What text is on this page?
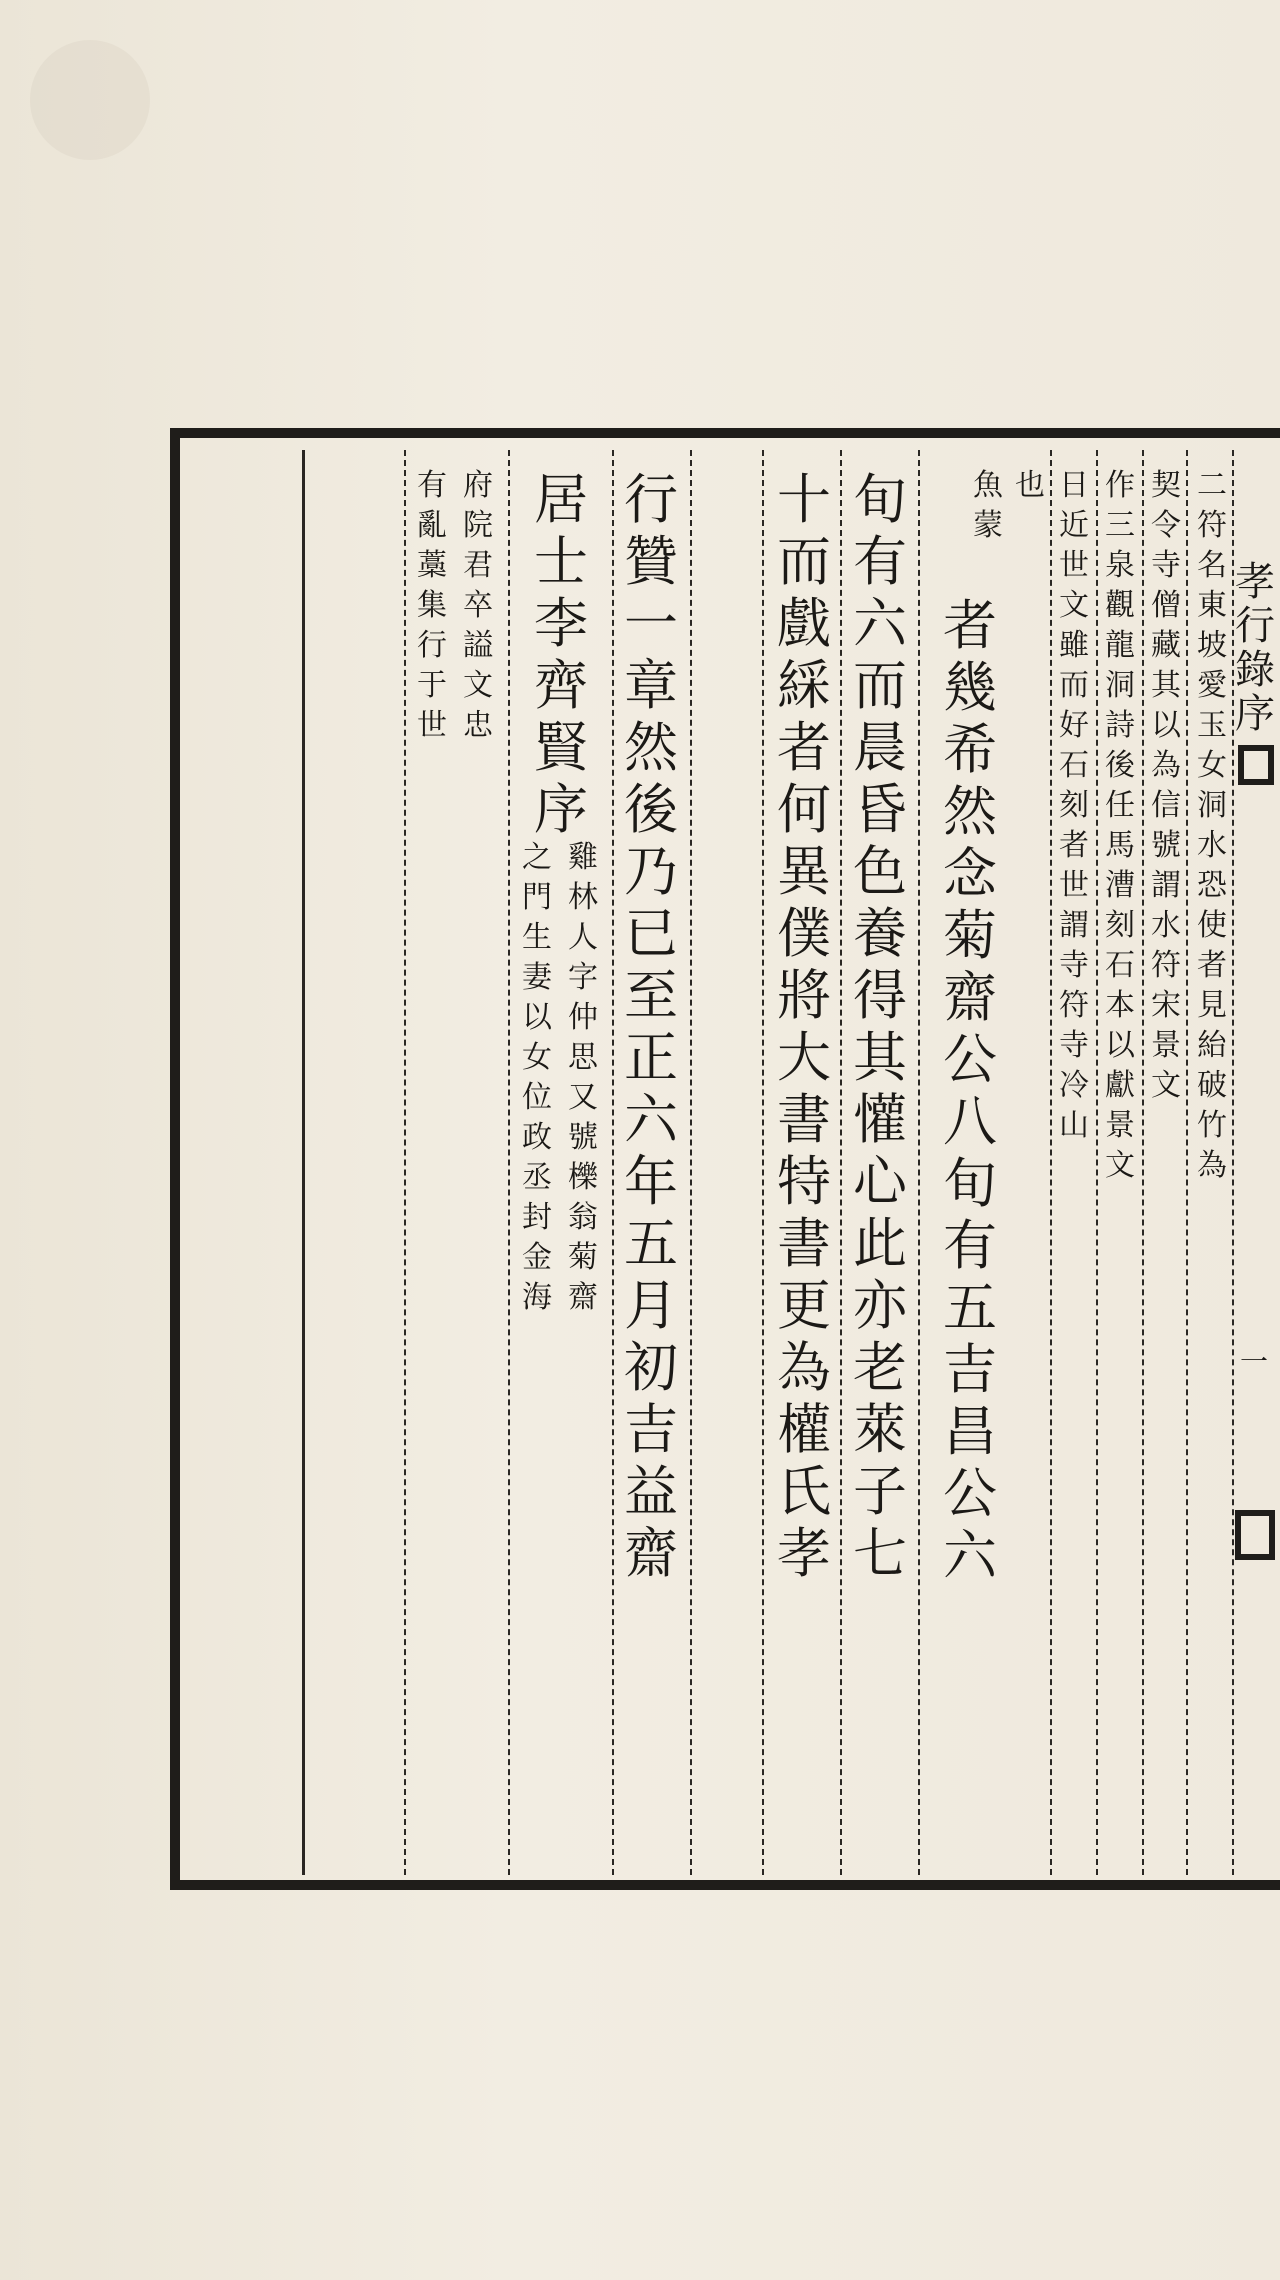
孝
行
錄
序
一
二
符
名
東
坡
愛
玉
女
洞
水
恐
使
者
見
紿
破
竹
為
契
令
寺
僧
藏
其
以
為
信
號
謂
水
符
宋
景
文
作
三
泉
觀
龍
洞
詩
後
任
馬
漕
刻
石
本
以
獻
景
文
日
近
世
文
雖
而
好
石
刻
者
世
謂
寺
符
寺
冷
山
也
魚
蒙
者
幾
希
然
念
菊
齋
公
八
旬
有
五
吉
昌
公
六
旬
有
六
而
晨
昏
色
養
得
其
懽
心
此
亦
老
萊
子
七
十
而
戲
綵
者
何
異
僕
將
大
書
特
書
更
為
權
氏
孝
行
贊
一
章
然
後
乃
已
至
正
六
年
五
月
初
吉
益
齋
居
士
李
齊
賢
序
雞
林
人
字
仲
思
又
號
櫟
翁
菊
齋
之
門
生
妻
以
女
位
政
丞
封
金
海
府
院
君
卒
謚
文
忠
有
亂
藁
集
行
于
世
